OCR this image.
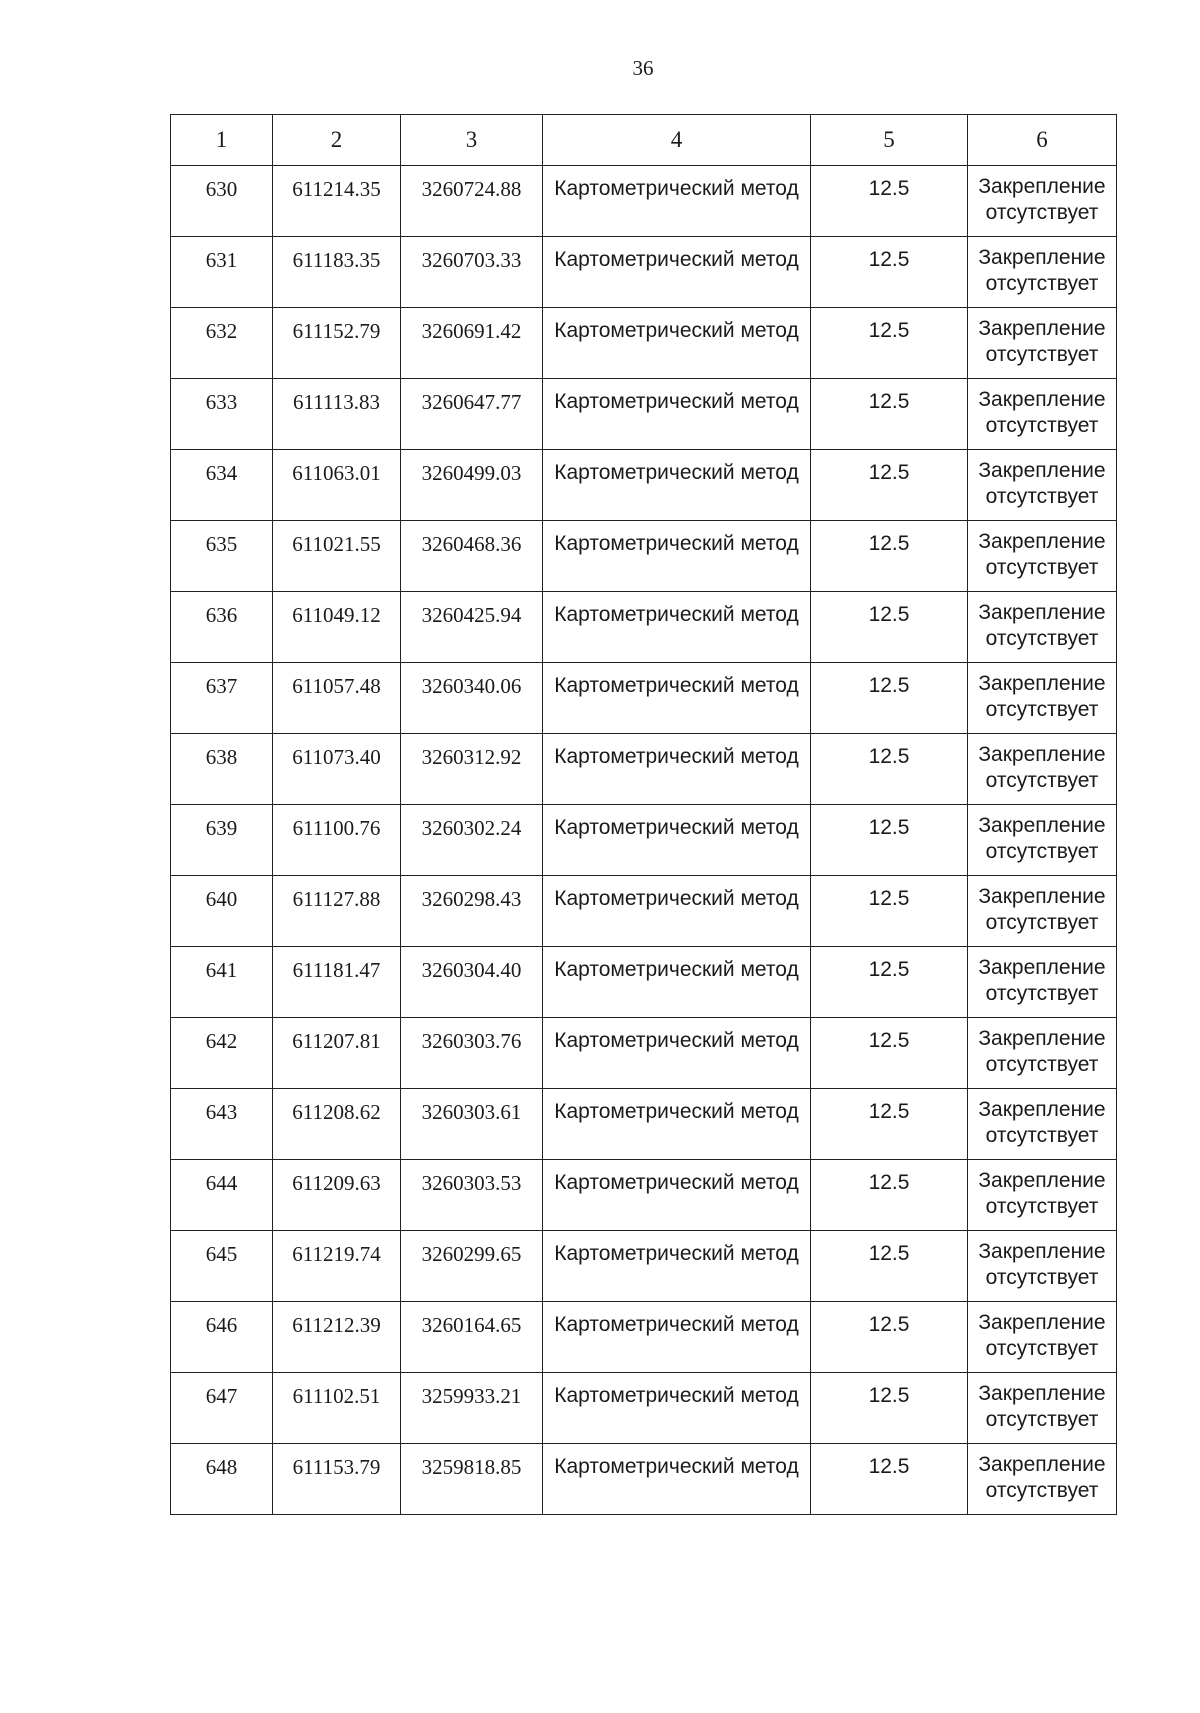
36
1	2	3	4	5	6
630	611214.35	3260724.88	Картометрический метод	12.5	Закрепление отсутствует
631	611183.35	3260703.33	Картометрический метод	12.5	Закрепление отсутствует
632	611152.79	3260691.42	Картометрический метод	12.5	Закрепление отсутствует
633	611113.83	3260647.77	Картометрический метод	12.5	Закрепление отсутствует
634	611063.01	3260499.03	Картометрический метод	12.5	Закрепление отсутствует
635	611021.55	3260468.36	Картометрический метод	12.5	Закрепление отсутствует
636	611049.12	3260425.94	Картометрический метод	12.5	Закрепление отсутствует
637	611057.48	3260340.06	Картометрический метод	12.5	Закрепление отсутствует
638	611073.40	3260312.92	Картометрический метод	12.5	Закрепление отсутствует
639	611100.76	3260302.24	Картометрический метод	12.5	Закрепление отсутствует
640	611127.88	3260298.43	Картометрический метод	12.5	Закрепление отсутствует
641	611181.47	3260304.40	Картометрический метод	12.5	Закрепление отсутствует
642	611207.81	3260303.76	Картометрический метод	12.5	Закрепление отсутствует
643	611208.62	3260303.61	Картометрический метод	12.5	Закрепление отсутствует
644	611209.63	3260303.53	Картометрический метод	12.5	Закрепление отсутствует
645	611219.74	3260299.65	Картометрический метод	12.5	Закрепление отсутствует
646	611212.39	3260164.65	Картометрический метод	12.5	Закрепление отсутствует
647	611102.51	3259933.21	Картометрический метод	12.5	Закрепление отсутствует
648	611153.79	3259818.85	Картометрический метод	12.5	Закрепление отсутствует
